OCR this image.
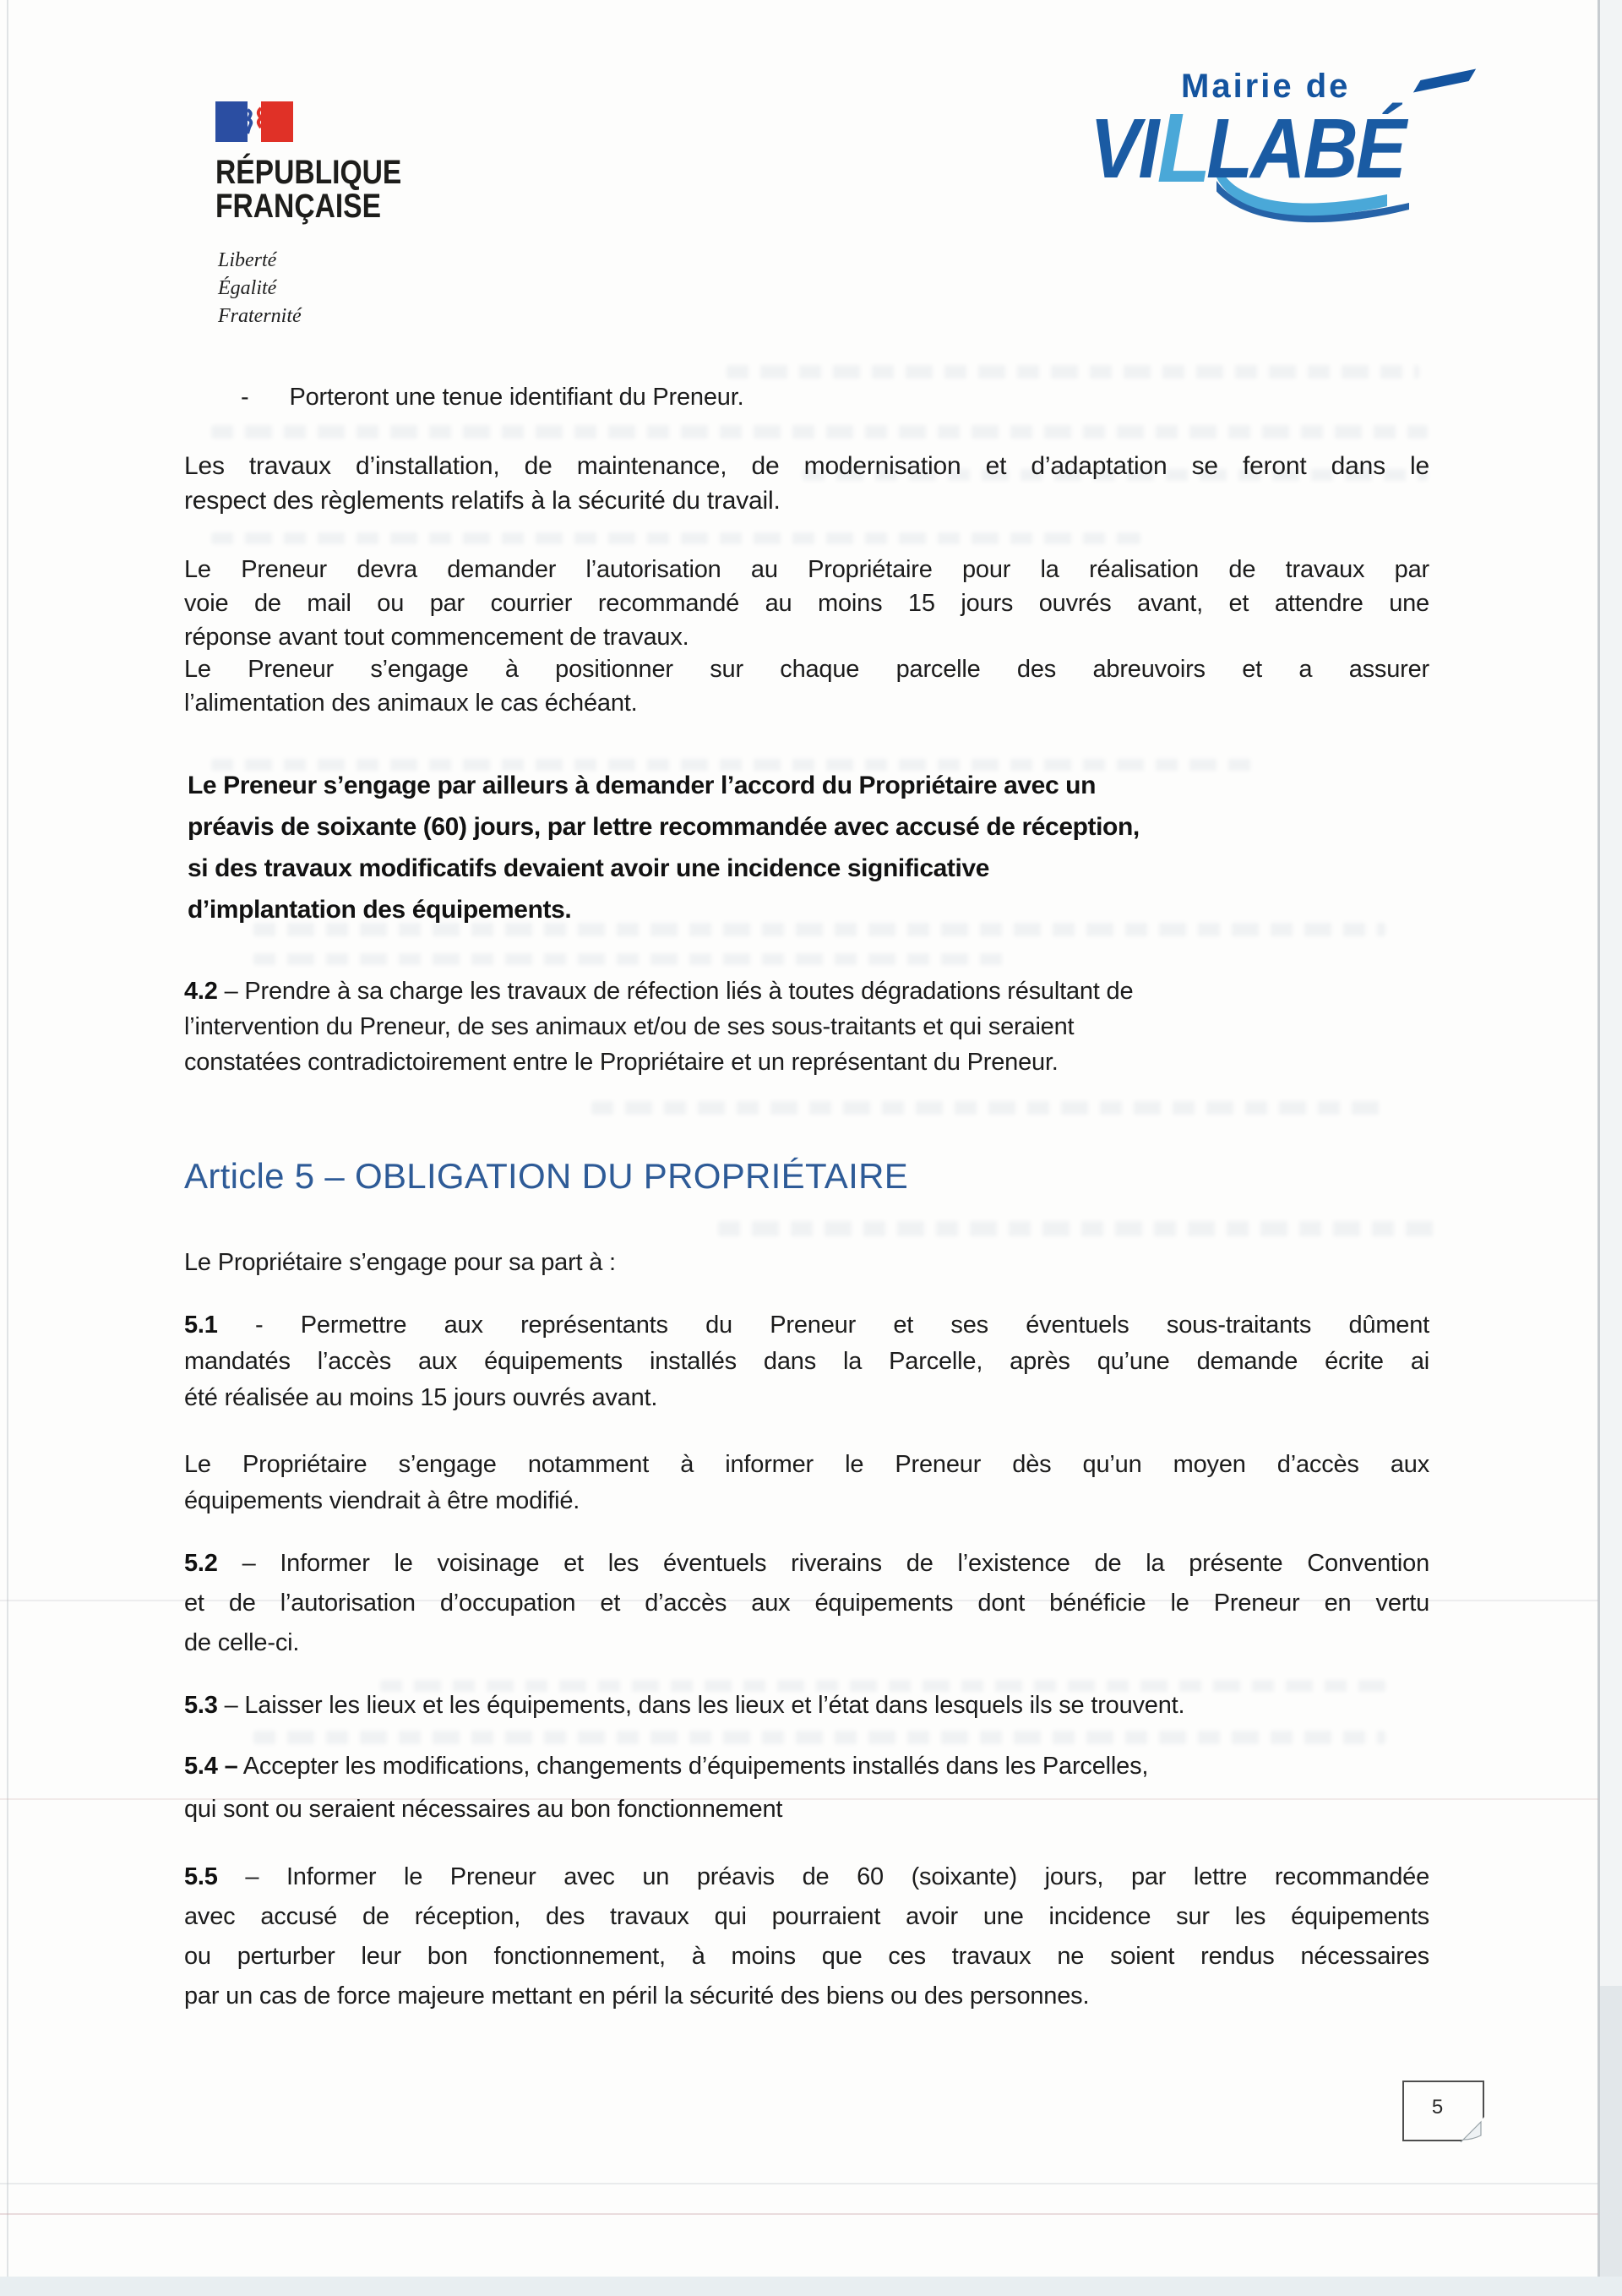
RÉPUBLIQUE
FRANÇAISE
Liberté
Égalité
Fraternité
Mairie de
VILLABÉ
- Porteront une tenue identifiant du Preneur.
Les travaux d’installation, de maintenance, de modernisation et d’adaptation se feront dans le
respect des règlements relatifs à la sécurité du travail.
Le Preneur devra demander l’autorisation au Propriétaire pour la réalisation de travaux par
voie de mail ou par courrier recommandé au moins 15 jours ouvrés avant, et attendre une
réponse avant tout commencement de travaux.
Le Preneur s’engage à positionner sur chaque parcelle des abreuvoirs et a assurer
l’alimentation des animaux le cas échéant.
Le Preneur s’engage par ailleurs à demander l’accord du Propriétaire avec un
préavis de soixante (60) jours, par lettre recommandée avec accusé de réception,
si des travaux modificatifs devaient avoir une incidence significative
d’implantation des équipements.
4.2 – Prendre à sa charge les travaux de réfection liés à toutes dégradations résultant de
l’intervention du Preneur, de ses animaux et/ou de ses sous-traitants et qui seraient
constatées contradictoirement entre le Propriétaire et un représentant du Preneur.
Article 5 – OBLIGATION DU PROPRIÉTAIRE
Le Propriétaire s’engage pour sa part à :
5.1 - Permettre aux représentants du Preneur et ses éventuels sous-traitants dûment
mandatés l’accès aux équipements installés dans la Parcelle, après qu’une demande écrite ai
été réalisée au moins 15 jours ouvrés avant.
Le Propriétaire s’engage notamment à informer le Preneur dès qu’un moyen d’accès aux
équipements viendrait à être modifié.
5.2 – Informer le voisinage et les éventuels riverains de l’existence de la présente Convention
et de l’autorisation d’occupation et d’accès aux équipements dont bénéficie le Preneur en vertu
de celle-ci.
5.3 – Laisser les lieux et les équipements, dans les lieux et l’état dans lesquels ils se trouvent.
5.4 – Accepter les modifications, changements d’équipements installés dans les Parcelles,
qui sont ou seraient nécessaires au bon fonctionnement
5.5 – Informer le Preneur avec un préavis de 60 (soixante) jours, par lettre recommandée
avec accusé de réception, des travaux qui pourraient avoir une incidence sur les équipements
ou perturber leur bon fonctionnement, à moins que ces travaux ne soient rendus nécessaires
par un cas de force majeure mettant en péril la sécurité des biens ou des personnes.
5
